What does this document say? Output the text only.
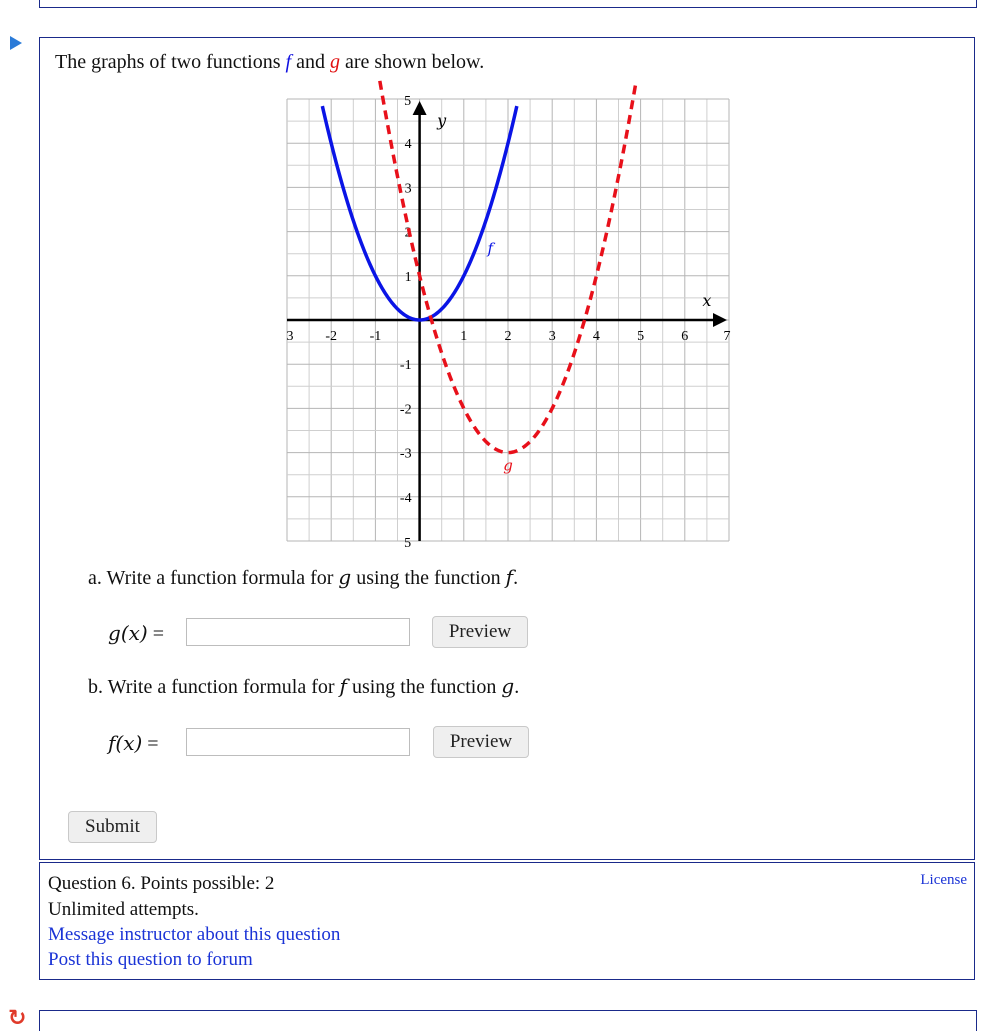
The graphs of two functions f and g are shown below.
-2 -1	1	2	3	4	5	6
3	7
4
3
2
1
-1
-2
-3
-4
5
5
x
y
f
g
a. Write a function formula for g using the function f.
g(x) =	Preview
b. Write a function formula for f using the function g.
f(x) =	Preview
Submit
Question 6. Points possible: 2
Unlimited attempts.
Message instructor about this question
Post this question to forum
License
↻
